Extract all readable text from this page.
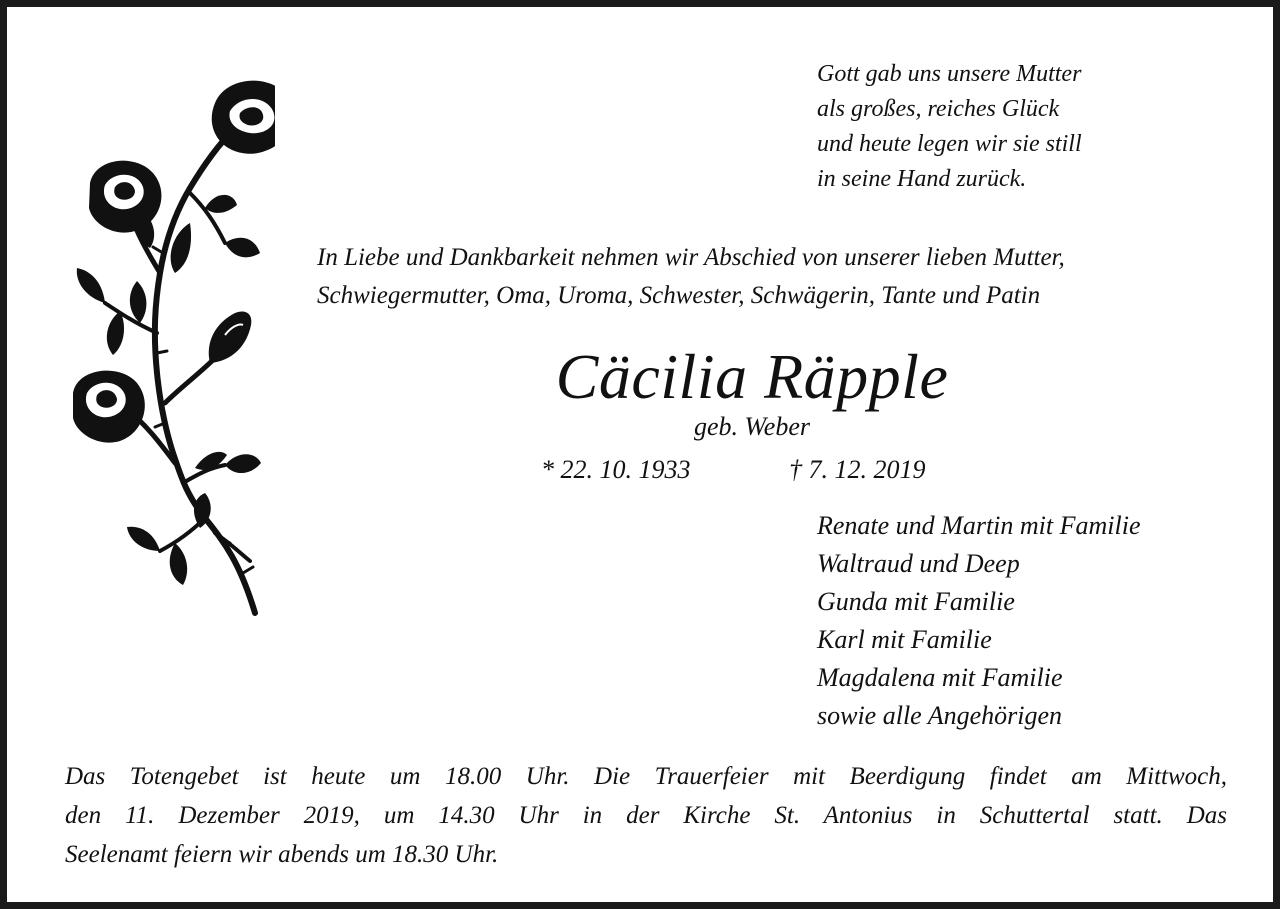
Gott gab uns unsere Mutter
als großes, reiches Glück
und heute legen wir sie still
in seine Hand zurück.
In Liebe und Dankbarkeit nehmen wir Abschied von unserer lieben Mutter,
Schwiegermutter, Oma, Uroma, Schwester, Schwägerin, Tante und Patin
Cäcilia Räpple
geb. Weber
* 22. 10. 1933	† 7. 12. 2019
Renate und Martin mit Familie
Waltraud und Deep
Gunda mit Familie
Karl mit Familie
Magdalena mit Familie
sowie alle Angehörigen
Das Totengebet ist heute um 18.00 Uhr. Die Trauerfeier mit Beerdigung findet am Mittwoch,
den 11. Dezember 2019, um 14.30 Uhr in der Kirche St. Antonius in Schuttertal statt. Das
Seelenamt feiern wir abends um 18.30 Uhr.
